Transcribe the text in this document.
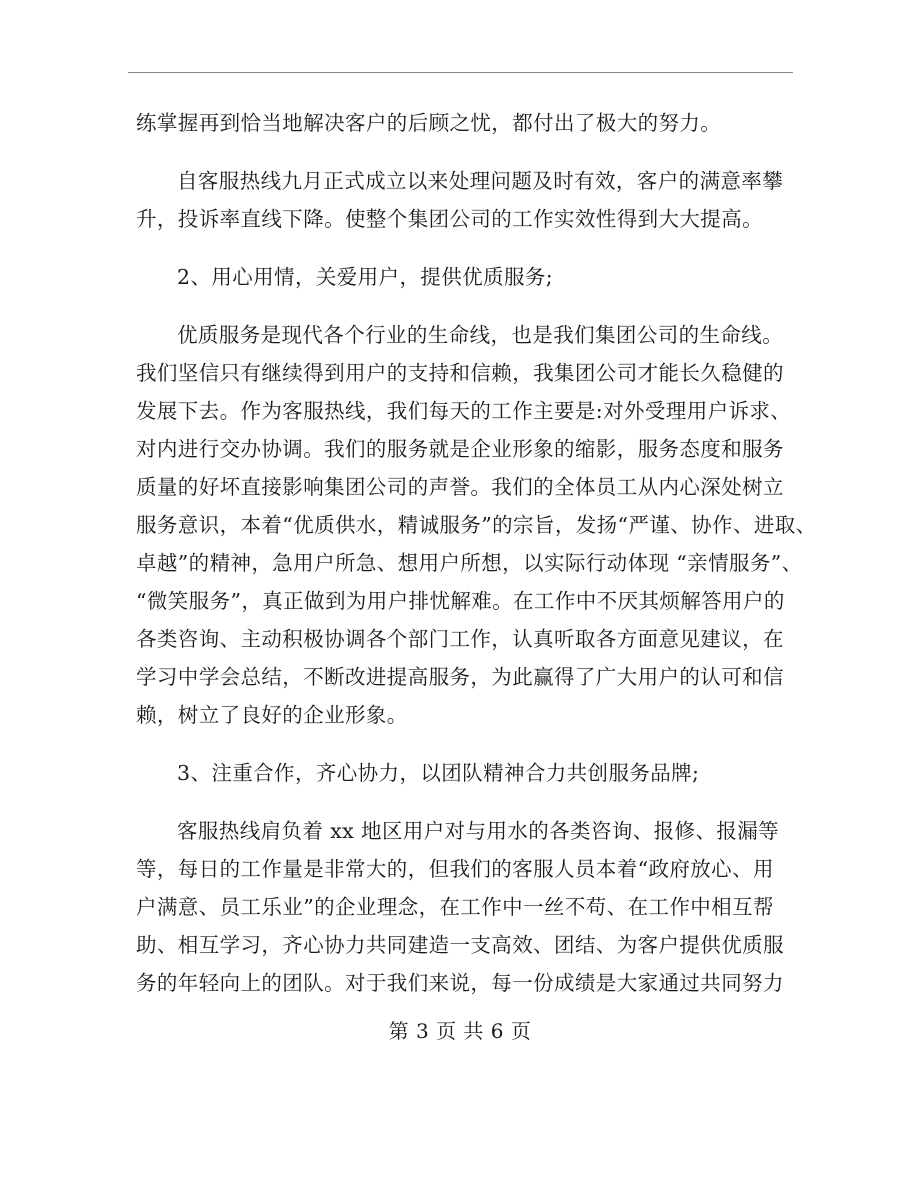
练掌握再到恰当地解决客户的后顾之忧，都付出了极大的努力。
自客服热线九月正式成立以来处理问题及时有效，客户的满意率攀
升，投诉率直线下降。使整个集团公司的工作实效性得到大大提高。
2、用心用情，关爱用户，提供优质服务;
优质服务是现代各个行业的生命线，也是我们集团公司的生命线。
我们坚信只有继续得到用户的支持和信赖，我集团公司才能长久稳健的
发展下去。作为客服热线，我们每天的工作主要是:对外受理用户诉求、
对内进行交办协调。我们的服务就是企业形象的缩影，服务态度和服务
质量的好坏直接影响集团公司的声誉。我们的全体员工从内心深处树立
服务意识，本着“优质供水，精诚服务”的宗旨，发扬“严谨、协作、进取、
卓越”的精神，急用户所急、想用户所想，以实际行动体现 “亲情服务”、
“微笑服务”，真正做到为用户排忧解难。在工作中不厌其烦解答用户的
各类咨询、主动积极协调各个部门工作，认真听取各方面意见建议，在
学习中学会总结，不断改进提高服务，为此赢得了广大用户的认可和信
赖，树立了良好的企业形象。
3、注重合作，齐心协力，以团队精神合力共创服务品牌;
客服热线肩负着 xx 地区用户对与用水的各类咨询、报修、报漏等
等，每日的工作量是非常大的，但我们的客服人员本着“政府放心、用
户满意、员工乐业”的企业理念，在工作中一丝不苟、在工作中相互帮
助、相互学习，齐心协力共同建造一支高效、团结、为客户提供优质服
务的年轻向上的团队。对于我们来说，每一份成绩是大家通过共同努力
第 3 页 共 6 页
